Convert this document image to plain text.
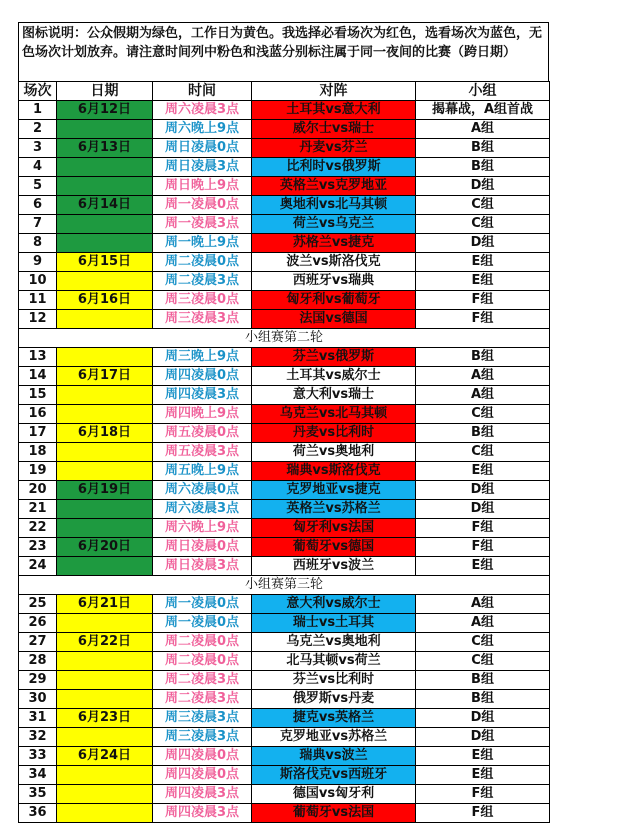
图标说明：公众假期为绿色，工作日为黄色。我选择必看场次为红色，选看场次为蓝色，无色场次计划放弃。请注意时间列中粉色和浅蓝分别标注属于同一夜间的比赛（跨日期）
场次	日期	时间	对阵	小组
1	6月12日	周六凌晨3点	土耳其vs意大利	揭幕战，A组首战
2		周六晚上9点	威尔士vs瑞士	A组
3	6月13日	周日凌晨0点	丹麦vs芬兰	B组
4		周日凌晨3点	比利时vs俄罗斯	B组
5		周日晚上9点	英格兰vs克罗地亚	D组
6	6月14日	周一凌晨0点	奥地利vs北马其顿	C组
7		周一凌晨3点	荷兰vs乌克兰	C组
8		周一晚上9点	苏格兰vs捷克	D组
9	6月15日	周二凌晨0点	波兰vs斯洛伐克	E组
10		周二凌晨3点	西班牙vs瑞典	E组
11	6月16日	周三凌晨0点	匈牙利vs葡萄牙	F组
12		周三凌晨3点	法国vs德国	F组
小组赛第二轮				
13		周三晚上9点	芬兰vs俄罗斯	B组
14	6月17日	周四凌晨0点	土耳其vs威尔士	A组
15		周四凌晨3点	意大利vs瑞士	A组
16		周四晚上9点	乌克兰vs北马其顿	C组
17	6月18日	周五凌晨0点	丹麦vs比利时	B组
18		周五凌晨3点	荷兰vs奥地利	C组
19		周五晚上9点	瑞典vs斯洛伐克	E组
20	6月19日	周六凌晨0点	克罗地亚vs捷克	D组
21		周六凌晨3点	英格兰vs苏格兰	D组
22		周六晚上9点	匈牙利vs法国	F组
23	6月20日	周日凌晨0点	葡萄牙vs德国	F组
24		周日凌晨3点	西班牙vs波兰	E组
小组赛第三轮				
25	6月21日	周一凌晨0点	意大利vs威尔士	A组
26		周一凌晨0点	瑞士vs土耳其	A组
27	6月22日	周二凌晨0点	乌克兰vs奥地利	C组
28		周二凌晨0点	北马其顿vs荷兰	C组
29		周二凌晨3点	芬兰vs比利时	B组
30		周二凌晨3点	俄罗斯vs丹麦	B组
31	6月23日	周三凌晨3点	捷克vs英格兰	D组
32		周三凌晨3点	克罗地亚vs苏格兰	D组
33	6月24日	周四凌晨0点	瑞典vs波兰	E组
34		周四凌晨0点	斯洛伐克vs西班牙	E组
35		周四凌晨3点	德国vs匈牙利	F组
36		周四凌晨3点	葡萄牙vs法国	F组
